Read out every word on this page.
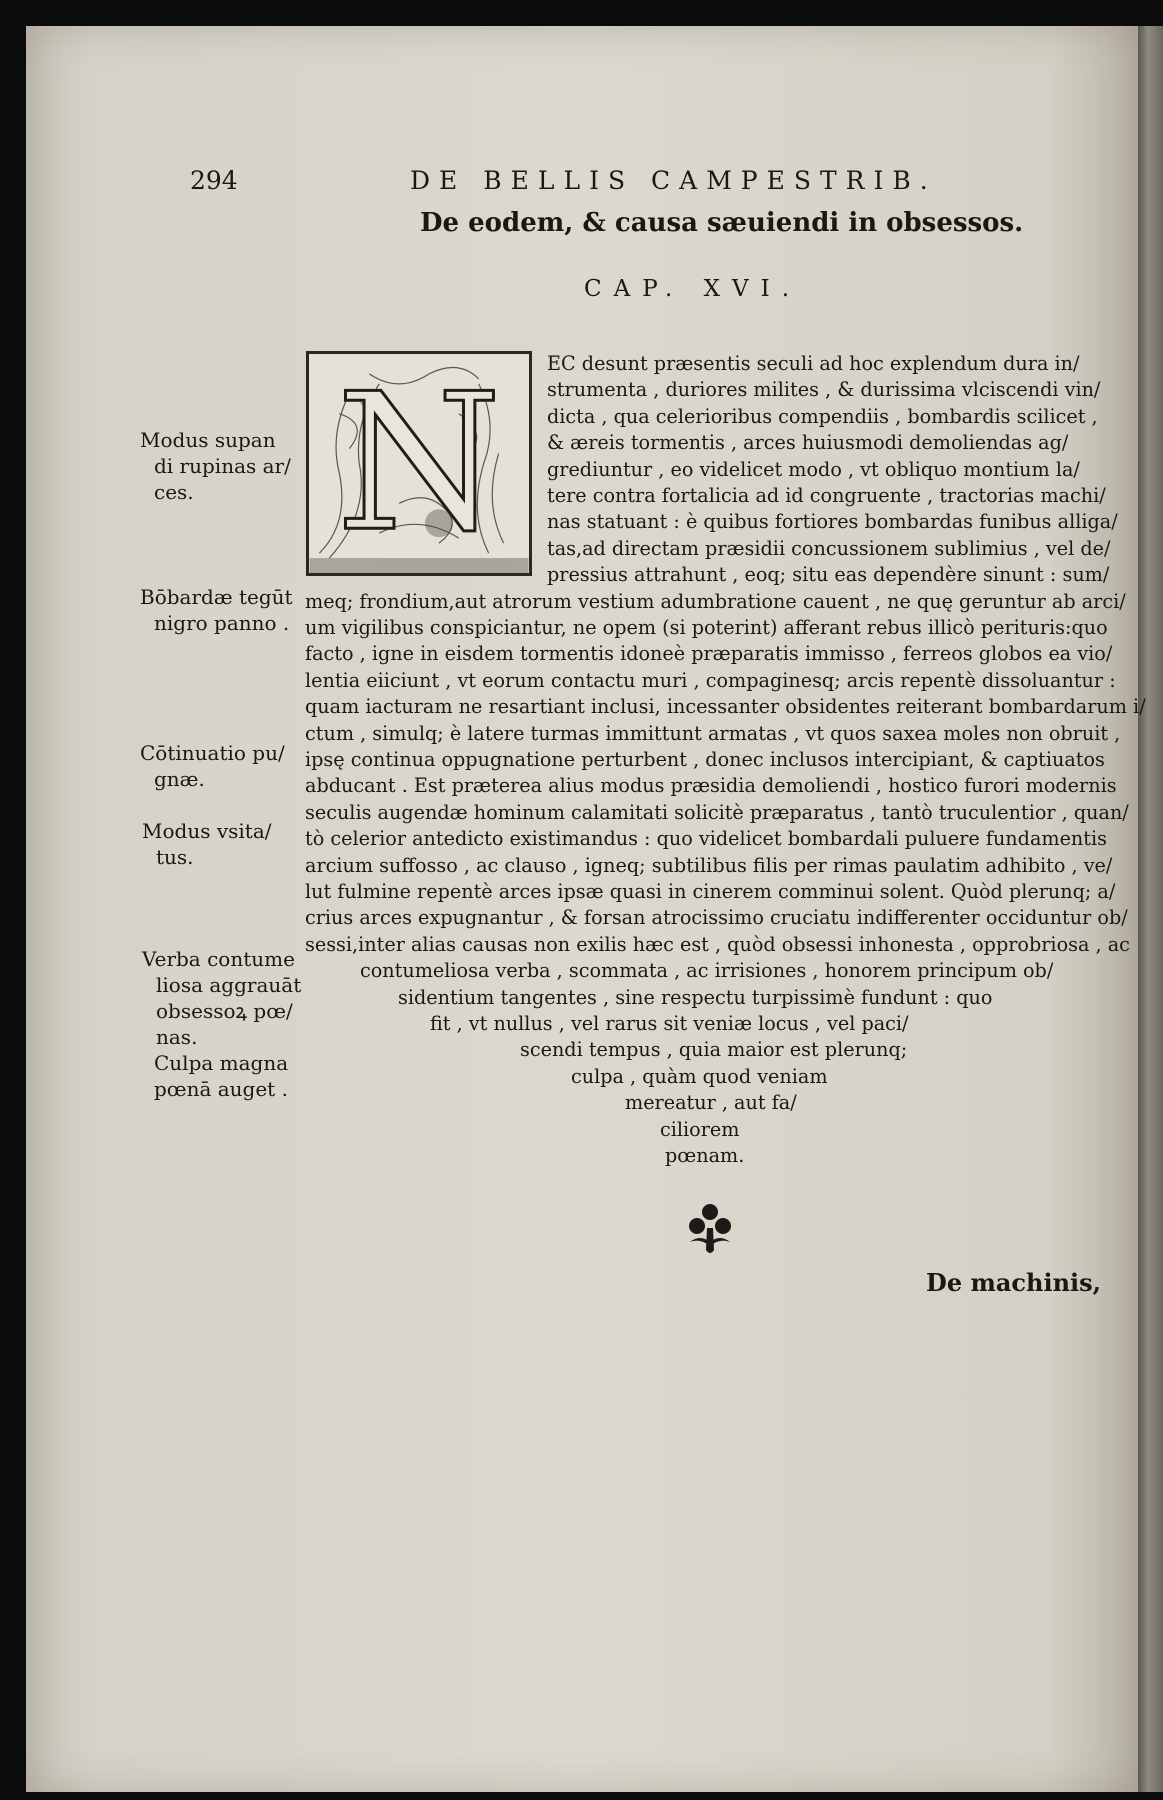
294	DE BELLIS CAMPESTRIB.
De eodem, & causa sæuiendi in obsessos.
CAP. XVI.
N EC desunt præsentis seculi ad hoc explendum dura in/
strumenta , duriores milites , & durissima vlciscendi vin/
dicta , qua celerioribus compendiis , bombardis scilicet ,
& æreis tormentis , arces huiusmodi demoliendas ag/
grediuntur , eo videlicet modo , vt obliquo montium la/
tere contra fortalicia ad id congruente , tractorias machi/
nas statuant : è quibus fortiores bombardas funibus alliga/
tas,ad directam præsidii concussionem sublimius , vel de/
pressius attrahunt , eoq; situ eas dependère sinunt : sum/
meq; frondium,aut atrorum vestium adumbratione cauent , ne quę geruntur ab arci/
um vigilibus conspiciantur, ne opem (si poterint) afferant rebus illicò perituris:quo
facto , igne in eisdem tormentis idoneè præparatis immisso , ferreos globos ea vio/
lentia eiiciunt , vt eorum contactu muri , compaginesq; arcis repentè dissoluantur :
quam iacturam ne resartiant inclusi, incessanter obsidentes reiterant bombardarum i/
ctum , simulq; è latere turmas immittunt armatas , vt quos saxea moles non obruit ,
ipsę continua oppugnatione perturbent , donec inclusos intercipiant, & captiuatos
abducant . Est præterea alius modus præsidia demoliendi , hostico furori modernis
seculis augendæ hominum calamitati solicitè præparatus , tantò truculentior , quan/
tò celerior antedicto existimandus : quo videlicet bombardali puluere fundamentis
arcium suffosso , ac clauso , igneq; subtilibus filis per rimas paulatim adhibito , ve/
lut fulmine repentè arces ipsæ quasi in cinerem comminui solent. Quòd plerunq; a/
crius arces expugnantur , & forsan atrocissimo cruciatu indifferenter occiduntur ob/
sessi,inter alias causas non exilis hæc est , quòd obsessi inhonesta , opprobriosa , ac
contumeliosa verba , scommata , ac irrisiones , honorem principum ob/
sidentium tangentes , sine respectu turpissimè fundunt : quo
fit , vt nullus , vel rarus sit veniæ locus , vel paci/
scendi tempus , quia maior est plerunq;
culpa , quàm quod veniam
mereatur , aut fa/
ciliorem
pœnam.
Modus supan
di rupinas ar/
ces.
Bōbardæ tegūt
nigro panno .
Cōtinuatio pu/
gnæ.
Modus vsita/
tus.
Verba contume
liosa aggrauāt
obsessoꝝ pœ/
nas.
Culpa magna
pœnā auget .
De machinis,
